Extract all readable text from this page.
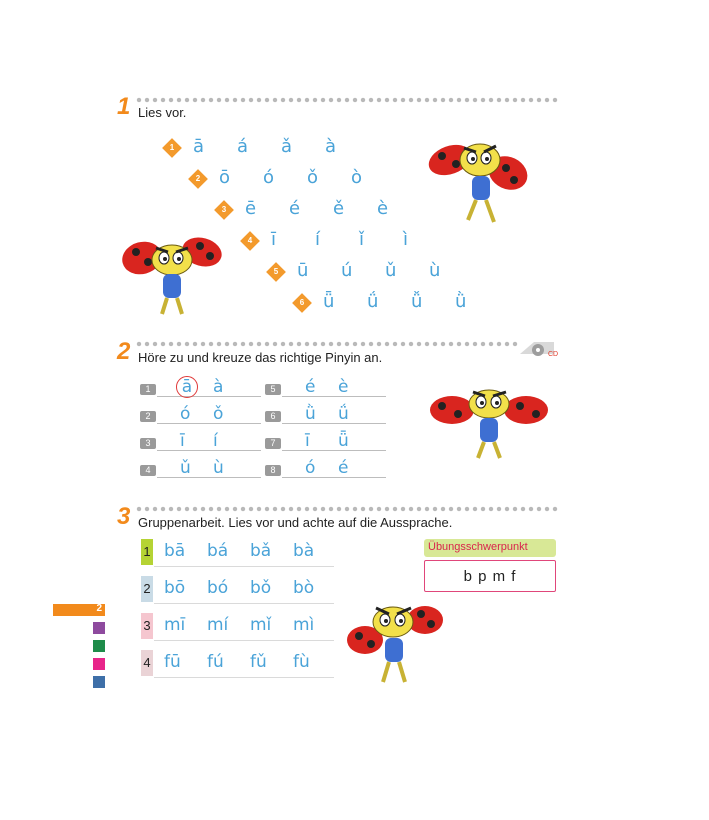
1 Lies vor.
1 ā á ǎ à
2 ō ó ǒ ò
3 ē é ě è
4 ī í ǐ ì
5 ū ú ǔ ù
6 ǖ ǘ ǚ ǜ
CD
2 Höre zu und kreuze das richtige Pinyin an.
1	ā	à
2	ó ǒ
3	ī í
4	ǔ ù
5	é è
6	ǜ ǘ
7	ī ǖ
8	ó é
3 Gruppenarbeit. Lies vor und achte auf die Aussprache.
1 bā bá bǎ bà
2 bō bó bǒ bò
3 mī mí mǐ mì
4 fū fú fǔ fù
Übungsschwerpunkt
b p m f
2
